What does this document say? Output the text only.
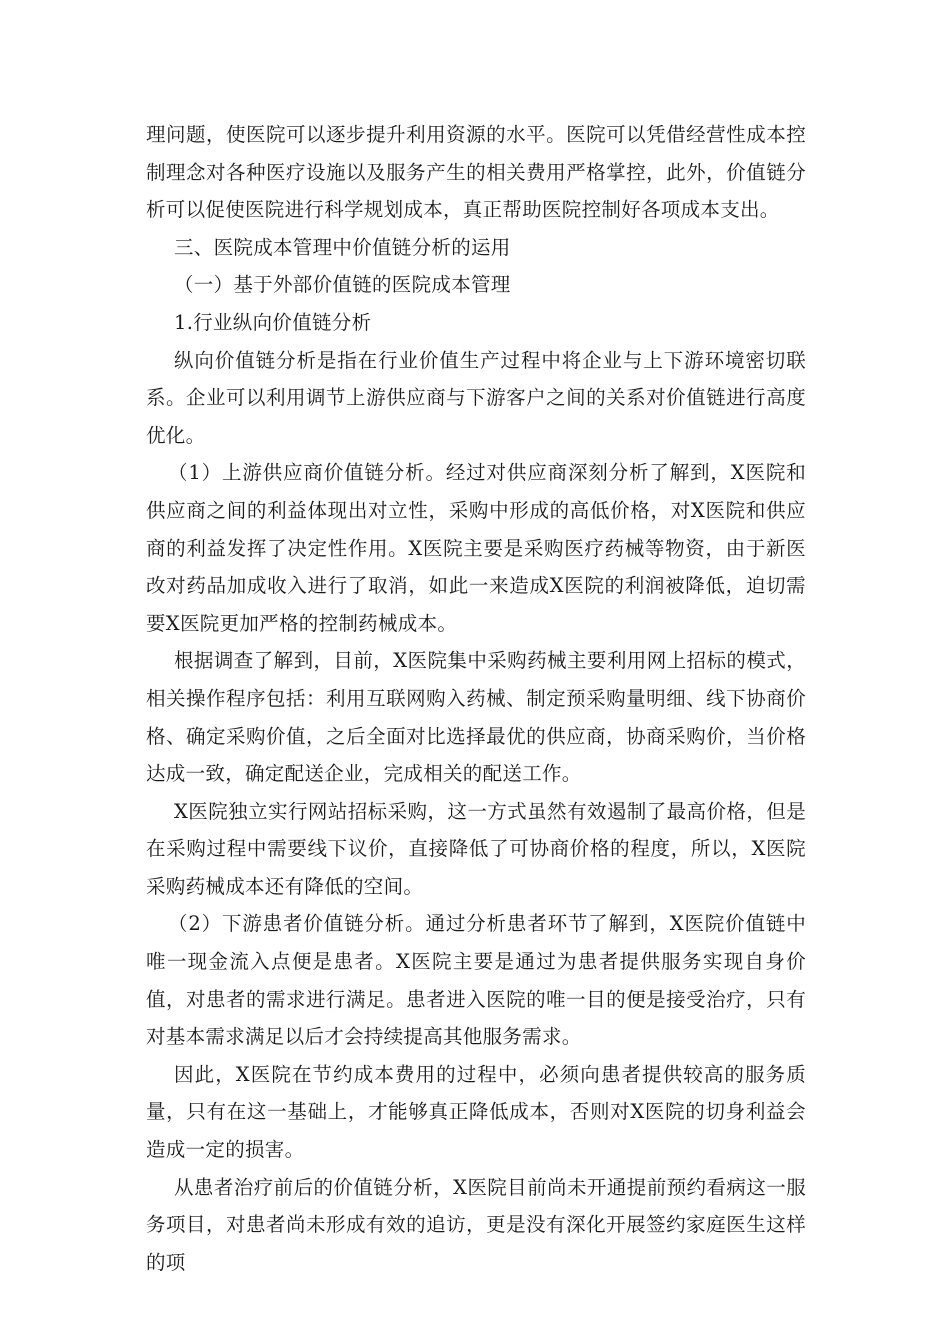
理问题，使医院可以逐步提升利用资源的水平。医院可以凭借经营性成本控制理念对各种医疗设施以及服务产生的相关费用严格掌控，此外，价值链分析可以促使医院进行科学规划成本，真正帮助医院控制好各项成本支出。

三、医院成本管理中价值链分析的运用

（一）基于外部价值链的医院成本管理

1.行业纵向价值链分析

纵向价值链分析是指在行业价值生产过程中将企业与上下游环境密切联系。企业可以利用调节上游供应商与下游客户之间的关系对价值链进行高度优化。

（1）上游供应商价值链分析。经过对供应商深刻分析了解到，X医院和供应商之间的利益体现出对立性，采购中形成的高低价格，对X医院和供应商的利益发挥了决定性作用。X医院主要是采购医疗药械等物资，由于新医改对药品加成收入进行了取消，如此一来造成X医院的利润被降低，迫切需要X医院更加严格的控制药械成本。

根据调查了解到，目前，X医院集中采购药械主要利用网上招标的模式，相关操作程序包括：利用互联网购入药械、制定预采购量明细、线下协商价格、确定采购价值，之后全面对比选择最优的供应商，协商采购价，当价格达成一致，确定配送企业，完成相关的配送工作。

X医院独立实行网站招标采购，这一方式虽然有效遏制了最高价格，但是在采购过程中需要线下议价，直接降低了可协商价格的程度，所以，X医院采购药械成本还有降低的空间。

（2）下游患者价值链分析。通过分析患者环节了解到，X医院价值链中唯一现金流入点便是患者。X医院主要是通过为患者提供服务实现自身价值，对患者的需求进行满足。患者进入医院的唯一目的便是接受治疗，只有对基本需求满足以后才会持续提高其他服务需求。

因此，X医院在节约成本费用的过程中，必须向患者提供较高的服务质量，只有在这一基础上，才能够真正降低成本，否则对X医院的切身利益会造成一定的损害。

从患者治疗前后的价值链分析，X医院目前尚未开通提前预约看病这一服务项目，对患者尚未形成有效的追访，更是没有深化开展签约家庭医生这样的项
